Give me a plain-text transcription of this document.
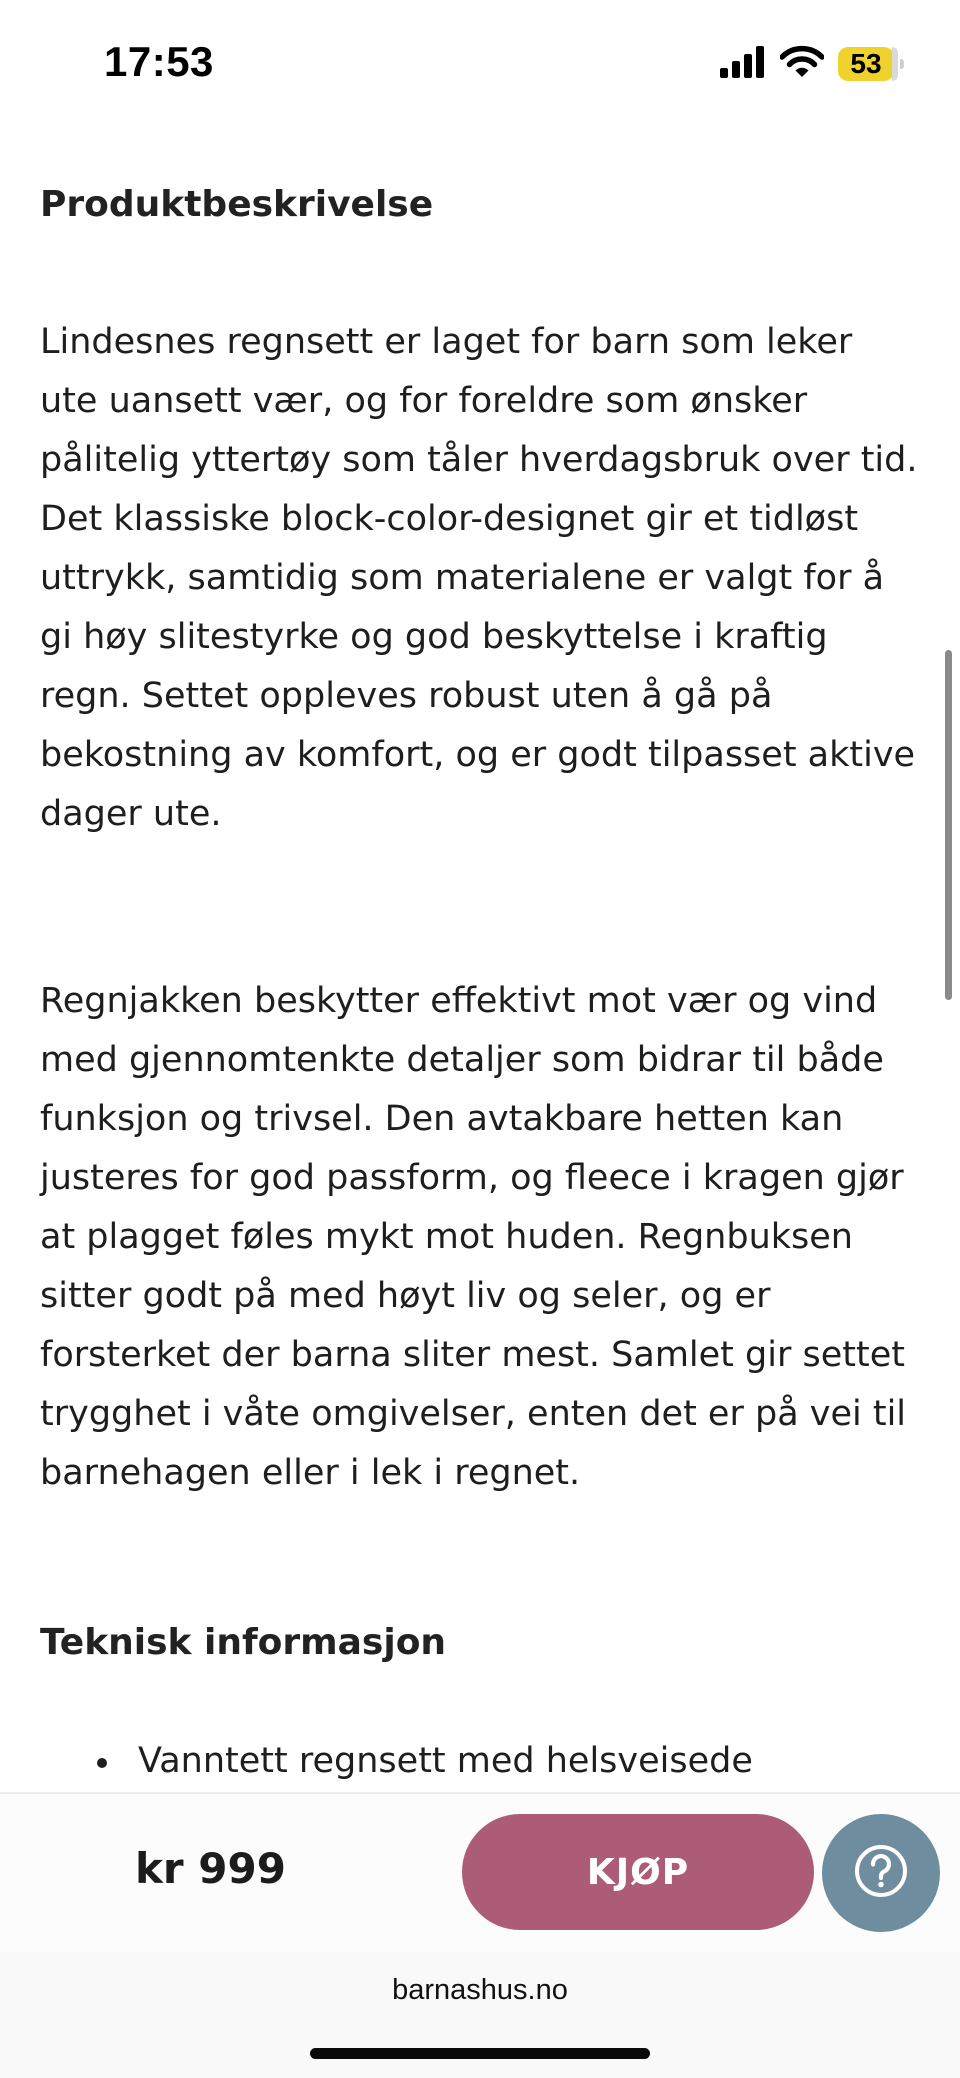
17:53	53
Produktbeskrivelse

Lindesnes regnsett er laget for barn som leker ute uansett vær, og for foreldre som ønsker pålitelig yttertøy som tåler hverdagsbruk over tid. Det klassiske block-color-designet gir et tidløst uttrykk, samtidig som materialene er valgt for å gi høy slitestyrke og god beskyttelse i kraftig regn. Settet oppleves robust uten å gå på bekostning av komfort, og er godt tilpasset aktive dager ute.

Regnjakken beskytter effektivt mot vær og vind med gjennomtenkte detaljer som bidrar til både funksjon og trivsel. Den avtakbare hetten kan justeres for god passform, og fleece i kragen gjør at plagget føles mykt mot huden. Regnbuksen sitter godt på med høyt liv og seler, og er forsterket der barna sliter mest. Samlet gir settet trygghet i våte omgivelser, enten det er på vei til barnehagen eller i lek i regnet.

Teknisk informasjon
Vanntett regnsett med helsveisede
kr 999	KJØP
barnashus.no
